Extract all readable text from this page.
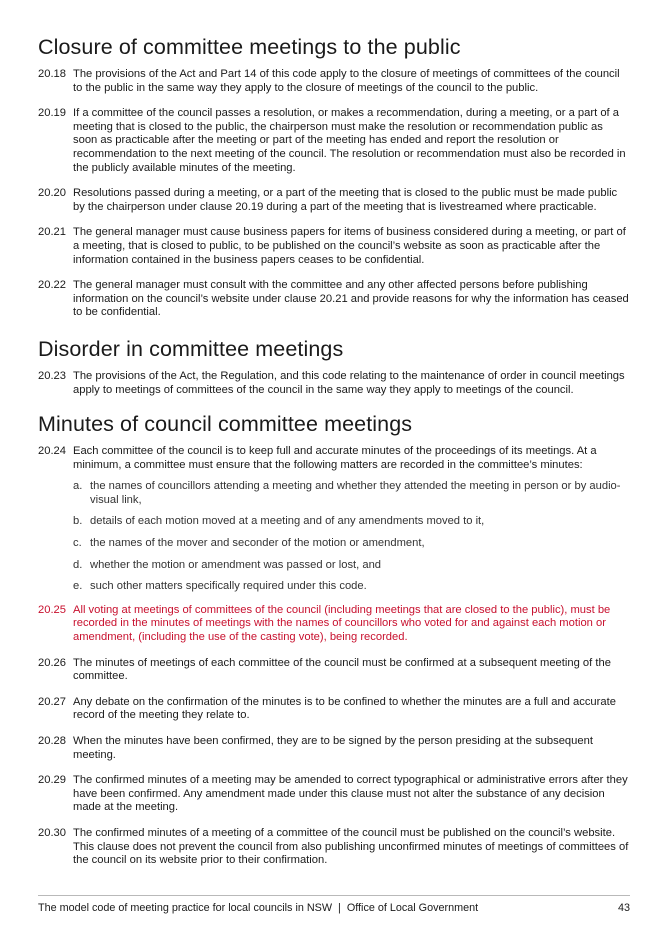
Closure of committee meetings to the public
20.18 The provisions of the Act and Part 14 of this code apply to the closure of meetings of committees of the council to the public in the same way they apply to the closure of meetings of the council to the public.
20.19 If a committee of the council passes a resolution, or makes a recommendation, during a meeting, or a part of a meeting that is closed to the public, the chairperson must make the resolution or recommendation public as soon as practicable after the meeting or part of the meeting has ended and report the resolution or recommendation to the next meeting of the council. The resolution or recommendation must also be recorded in the publicly available minutes of the meeting.
20.20 Resolutions passed during a meeting, or a part of the meeting that is closed to the public must be made public by the chairperson under clause 20.19 during a part of the meeting that is livestreamed where practicable.
20.21 The general manager must cause business papers for items of business considered during a meeting, or part of a meeting, that is closed to public, to be published on the council’s website as soon as practicable after the information contained in the business papers ceases to be confidential.
20.22 The general manager must consult with the committee and any other affected persons before publishing information on the council’s website under clause 20.21 and provide reasons for why the information has ceased to be confidential.
Disorder in committee meetings
20.23 The provisions of the Act, the Regulation, and this code relating to the maintenance of order in council meetings apply to meetings of committees of the council in the same way they apply to meetings of the council.
Minutes of council committee meetings
20.24 Each committee of the council is to keep full and accurate minutes of the proceedings of its meetings. At a minimum, a committee must ensure that the following matters are recorded in the committee’s minutes:
a. the names of councillors attending a meeting and whether they attended the meeting in person or by audio-visual link,
b. details of each motion moved at a meeting and of any amendments moved to it,
c. the names of the mover and seconder of the motion or amendment,
d. whether the motion or amendment was passed or lost, and
e. such other matters specifically required under this code.
20.25 All voting at meetings of committees of the council (including meetings that are closed to the public), must be recorded in the minutes of meetings with the names of councillors who voted for and against each motion or amendment, (including the use of the casting vote), being recorded.
20.26 The minutes of meetings of each committee of the council must be confirmed at a subsequent meeting of the committee.
20.27 Any debate on the confirmation of the minutes is to be confined to whether the minutes are a full and accurate record of the meeting they relate to.
20.28 When the minutes have been confirmed, they are to be signed by the person presiding at the subsequent meeting.
20.29 The confirmed minutes of a meeting may be amended to correct typographical or administrative errors after they have been confirmed. Any amendment made under this clause must not alter the substance of any decision made at the meeting.
20.30 The confirmed minutes of a meeting of a committee of the council must be published on the council’s website. This clause does not prevent the council from also publishing unconfirmed minutes of meetings of committees of the council on its website prior to their confirmation.
The model code of meeting practice for local councils in NSW  |  Office of Local Government	43
